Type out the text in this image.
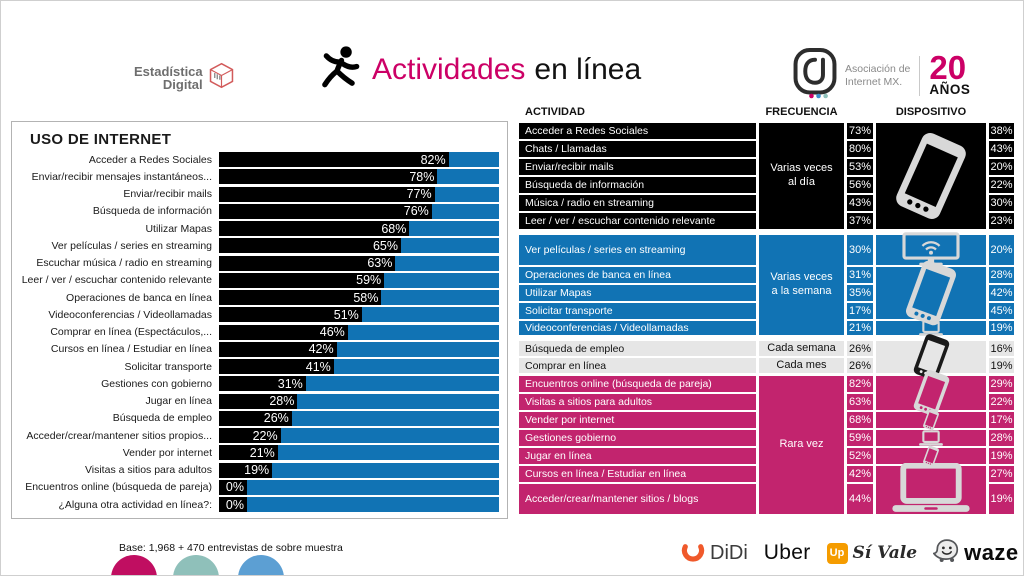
Estadística
Digital	Actividades en línea	Asociación de
Internet MX. 20
AÑOS
USO DE INTERNET
Acceder a Redes Sociales	82%
Enviar/recibir mensajes instantáneos...	78%
Enviar/recibir mails	77%
Búsqueda de información	76%
Utilizar Mapas	68%
Ver películas / series en streaming	65%
Escuchar música / radio en streaming	63%
Leer / ver / escuchar contenido relevante	59%
Operaciones de banca en línea	58%
Videoconferencias / Videollamadas	51%
Comprar en línea (Espectáculos,...	46%
Cursos en línea / Estudiar en línea	42%
Solicitar transporte	41%
Gestiones con gobierno	31%
Jugar en línea	28%
Búsqueda de empleo	26%
Acceder/crear/mantener sitios propios...	22%
Vender por internet	21%
Visitas a sitios para adultos	19%
Encuentros online (búsqueda de pareja)	0%
¿Alguna otra actividad en línea?:	0%
ACTIVIDAD	FRECUENCIA	DISPOSITIVO
Acceder a Redes Sociales	73%	38%
Chats / Llamadas	80%	43%
Enviar/recibir mails	53%	20%
Búsqueda de información	56%	22%
Música / radio en streaming	43%	30%
Leer / ver / escuchar contenido relevante	37%	23%
Varias veces al día
Ver películas / series en streaming	30%	20%
Operaciones de banca en línea	31%	28%
Utilizar Mapas	35%	42%
Solicitar transporte	17%	45%
Videoconferencias / Videollamadas	21%	19%
Varias veces a la semana
Búsqueda de empleo	Cada semana	26%	16%
Comprar en línea	Cada mes	26%	19%
Encuentros online (búsqueda de pareja)	82%	29%
Visitas a sitios para adultos	63%	22%
Vender por internet	68%	17%
Gestiones gobierno	59%	28%
Jugar en línea	52%	19%
Cursos en línea / Estudiar en línea	42%	27%
Acceder/crear/mantener sitios / blogs	44%	19%
Rara vez
Base: 1,968 + 470 entrevistas de sobre muestra	DiDi Uber Up Sí Vale waze
